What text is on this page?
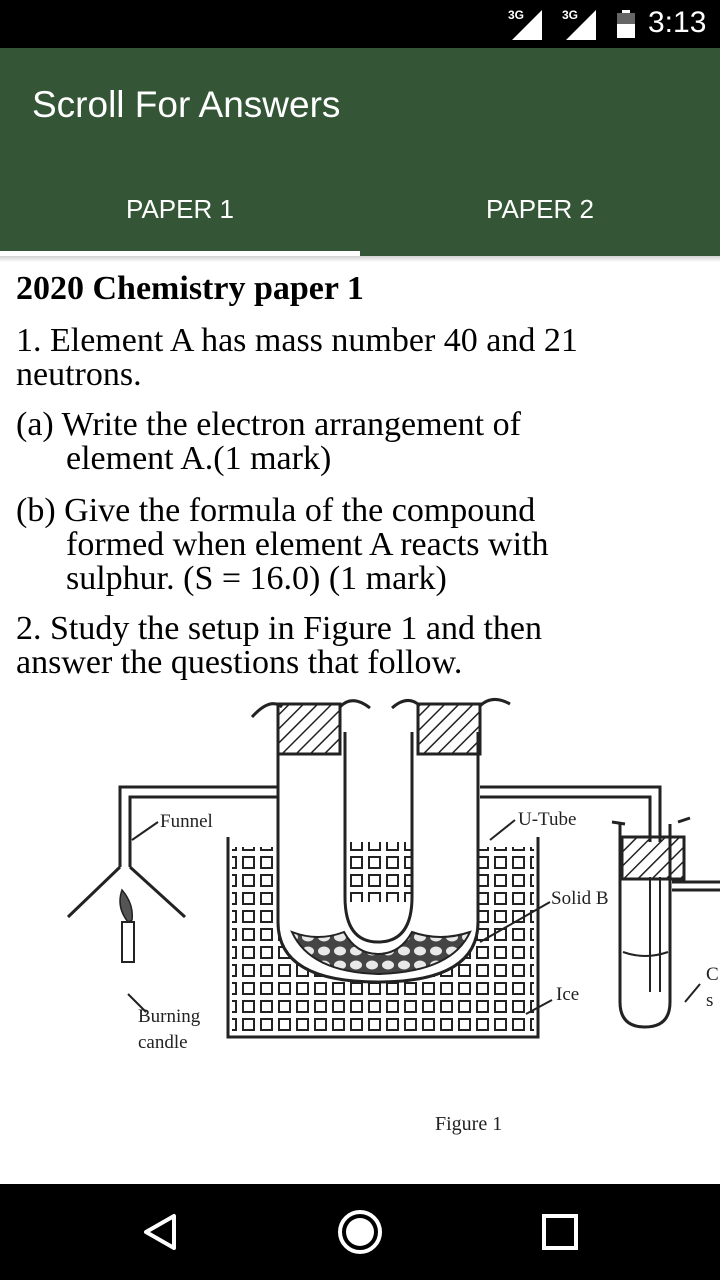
3G	3G 3:13
Scroll For Answers
PAPER 1	PAPER 2
2020 Chemistry paper 1
1. Element A has mass number 40 and 21
neutrons.
(a) Write the electron arrangement of
element A.(1 mark)
(b) Give the formula of the compound
formed when element A reacts with
sulphur. (S = 16.0) (1 mark)
2. Study the setup in Figure 1 and then
answer the questions that follow.
Funnel	U-Tube
Solid B
Ice
Burning
candle
C
s
Figure 1
